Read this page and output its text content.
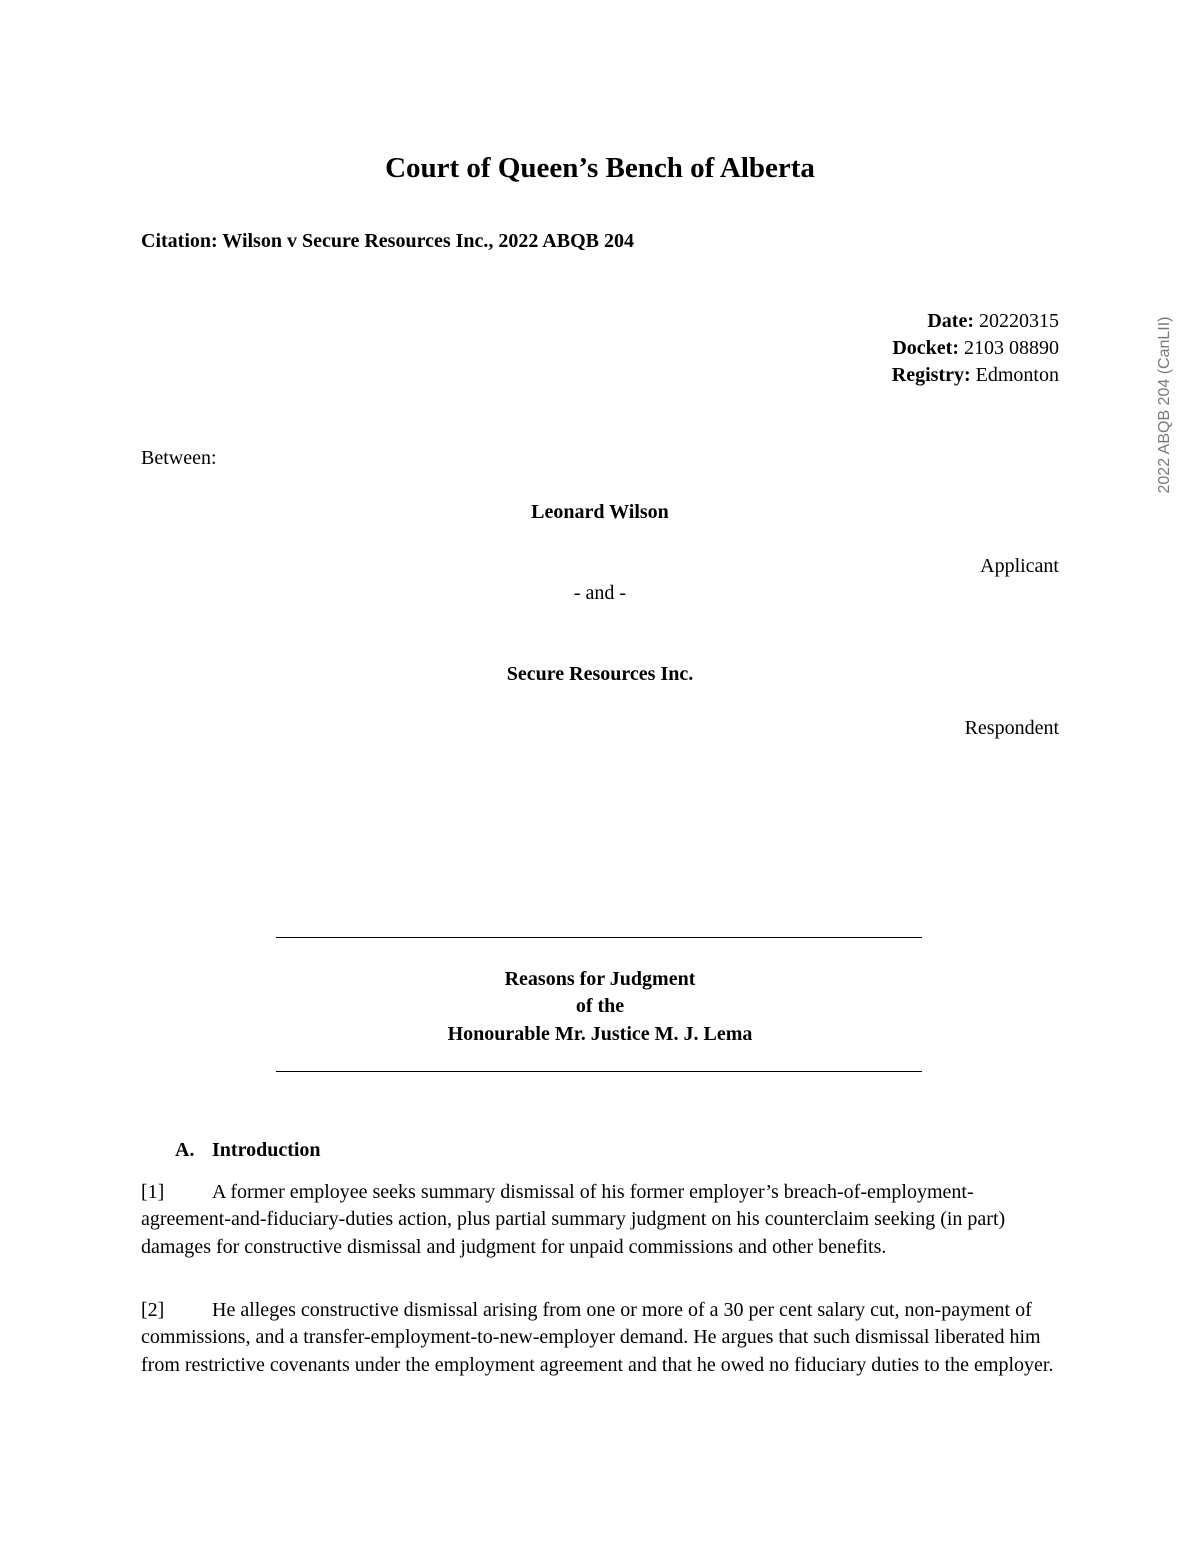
Court of Queen’s Bench of Alberta
Citation: Wilson v Secure Resources Inc., 2022 ABQB 204
Date: 20220315
Docket: 2103 08890
Registry: Edmonton
Between:
Leonard Wilson
Applicant
- and -
Secure Resources Inc.
Respondent
Reasons for Judgment
of the
Honourable Mr. Justice M. J. Lema
A. Introduction
[1] A former employee seeks summary dismissal of his former employer’s breach-of-employment-agreement-and-fiduciary-duties action, plus partial summary judgment on his counterclaim seeking (in part) damages for constructive dismissal and judgment for unpaid commissions and other benefits.
[2] He alleges constructive dismissal arising from one or more of a 30 per cent salary cut, non-payment of commissions, and a transfer-employment-to-new-employer demand. He argues that such dismissal liberated him from restrictive covenants under the employment agreement and that he owed no fiduciary duties to the employer.
2022 ABQB 204 (CanLII)
